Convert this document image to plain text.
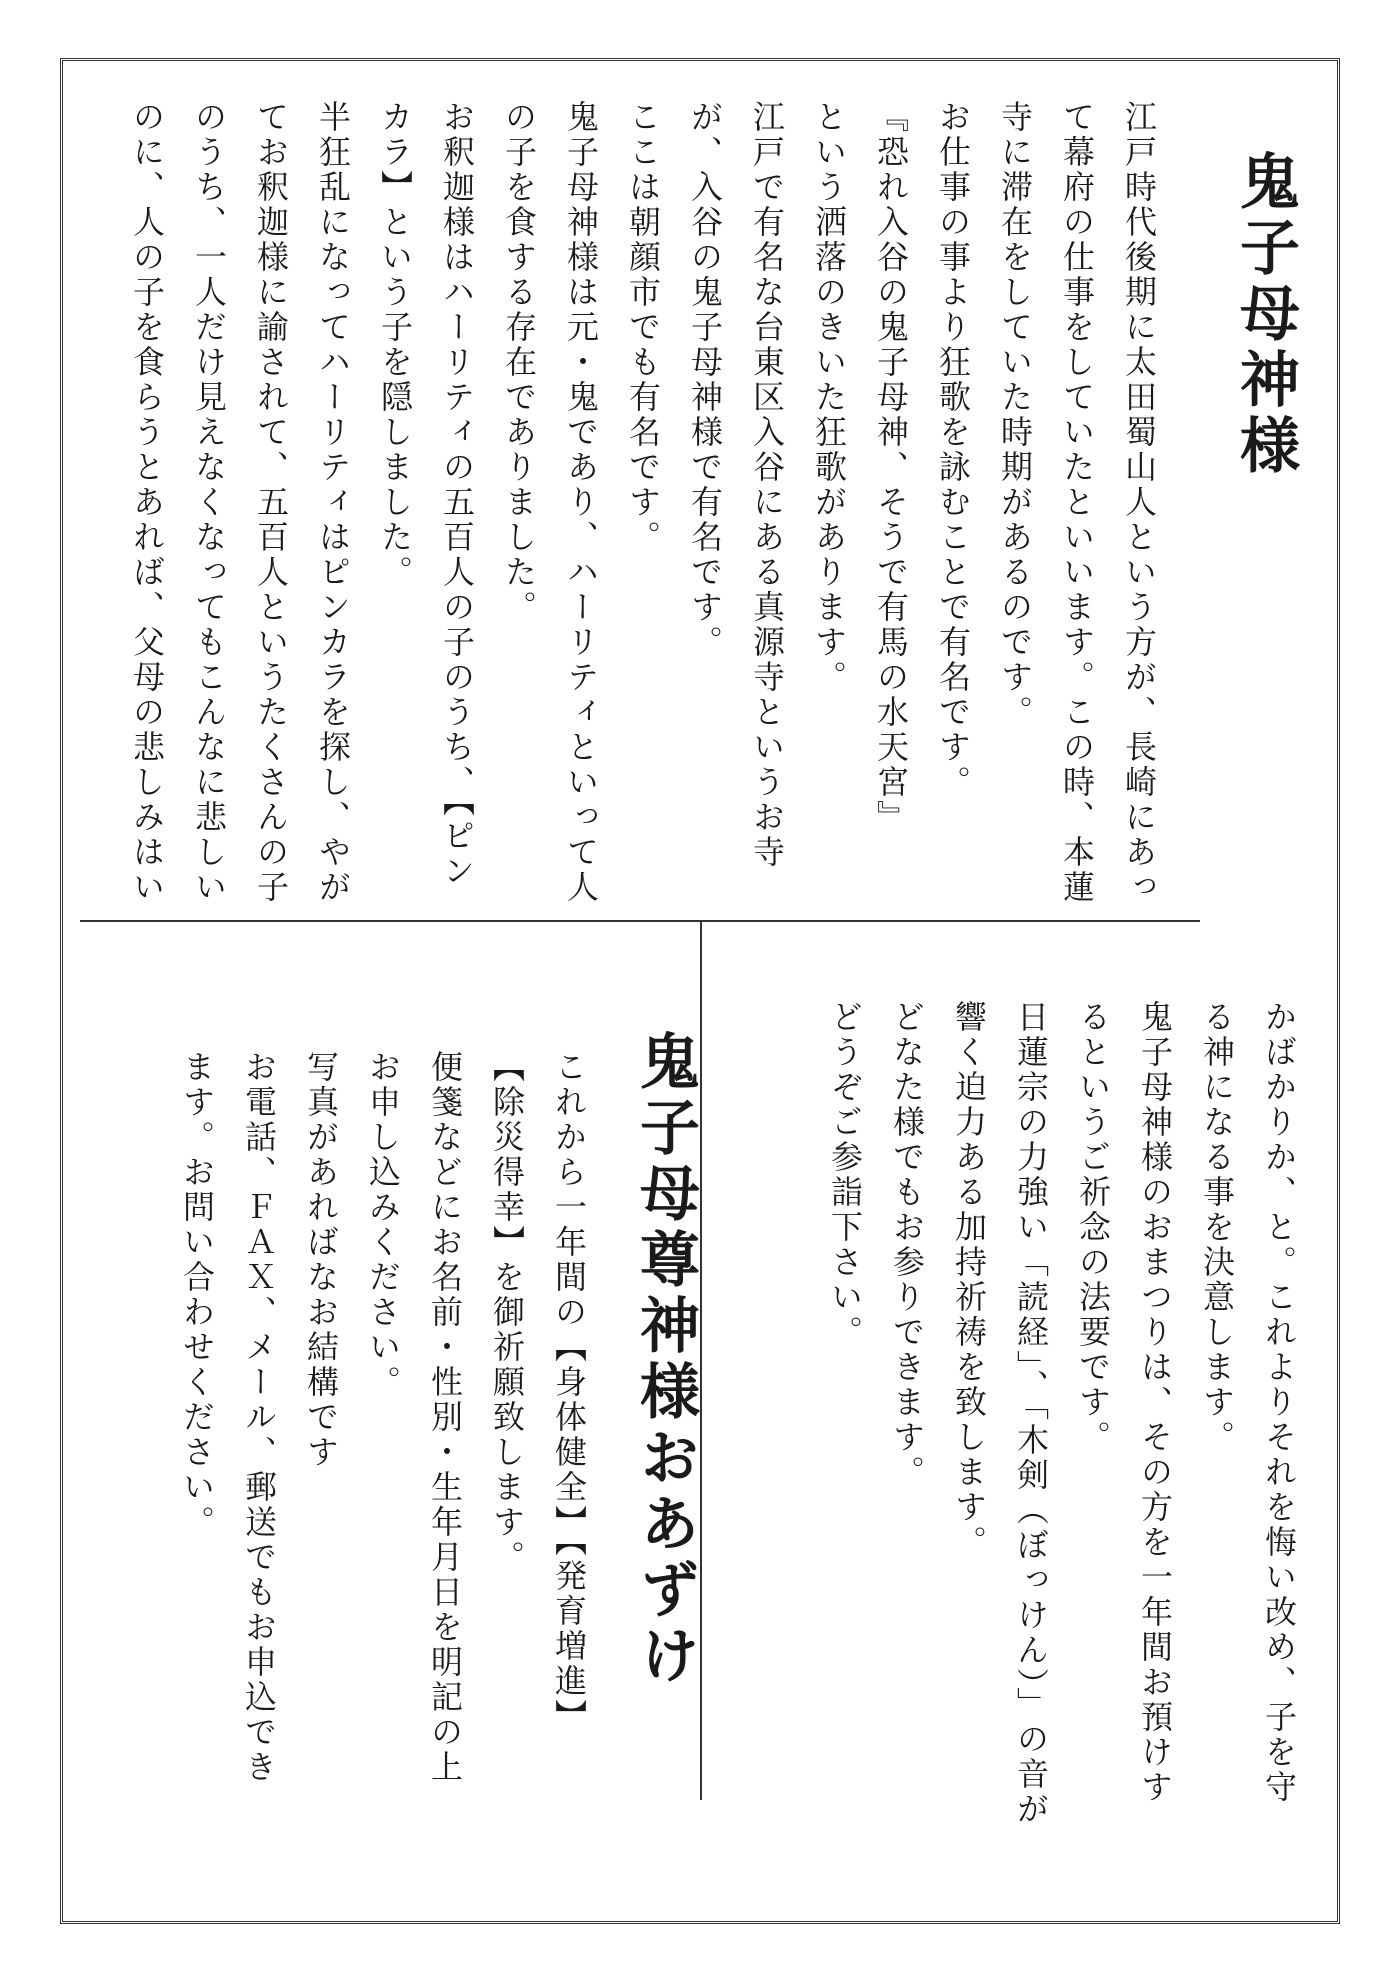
鬼子母神様

江戸時代後期に太田蜀山人という方が、長崎にあっ
て幕府の仕事をしていたといいます。この時、本蓮
寺に滞在をしていた時期があるのです。
お仕事の事より狂歌を詠むことで有名です。
『恐れ入谷の鬼子母神、そうで有馬の水天宮』
という洒落のきいた狂歌があります。
江戸で有名な台東区入谷にある真源寺というお寺
が、入谷の鬼子母神様で有名です。
ここは朝顔市でも有名です。
鬼子母神様は元・鬼であり、ハーリティといって人
の子を食する存在でありました。
お釈迦様はハーリティの五百人の子のうち、【ピン
カラ】という子を隠しました。
半狂乱になってハーリティはピンカラを探し、やが
てお釈迦様に諭されて、五百人というたくさんの子
のうち、一人だけ見えなくなってもこんなに悲しい
のに、人の子を食らうとあれば、父母の悲しみはい

かばかりか、と。これよりそれを悔い改め、子を守
る神になる事を決意します。
鬼子母神様のおまつりは、その方を一年間お預けす
るというご祈念の法要です。
日蓮宗の力強い「読経」、「木剣（ぼっけん）」の音が
響く迫力ある加持祈祷を致します。
どなた様でもお参りできます。
どうぞご参詣下さい。

鬼子母尊神様おあずけ

これから一年間の【身体健全】【発育増進】
【除災得幸】を御祈願致します。
便箋などにお名前・性別・生年月日を明記の上
お申し込みください。
写真があればなお結構です
お電話、ＦＡＸ、メール、郵送でもお申込でき
ます。お問い合わせください。
